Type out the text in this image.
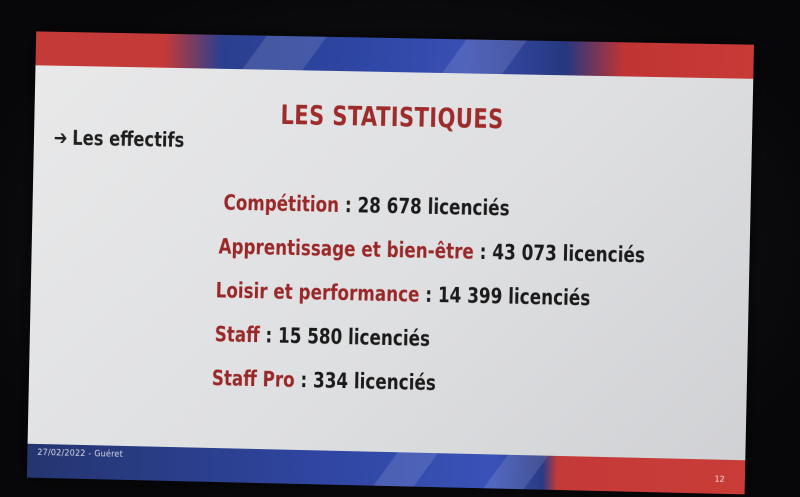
LES STATISTIQUES
➔ Les effectifs
Compétition : 28 678 licenciés
Apprentissage et bien-être : 43 073 licenciés
Loisir et performance : 14 399 licenciés
Staff : 15 580 licenciés
Staff Pro : 334 licenciés
27/02/2022 - Guéret
12
